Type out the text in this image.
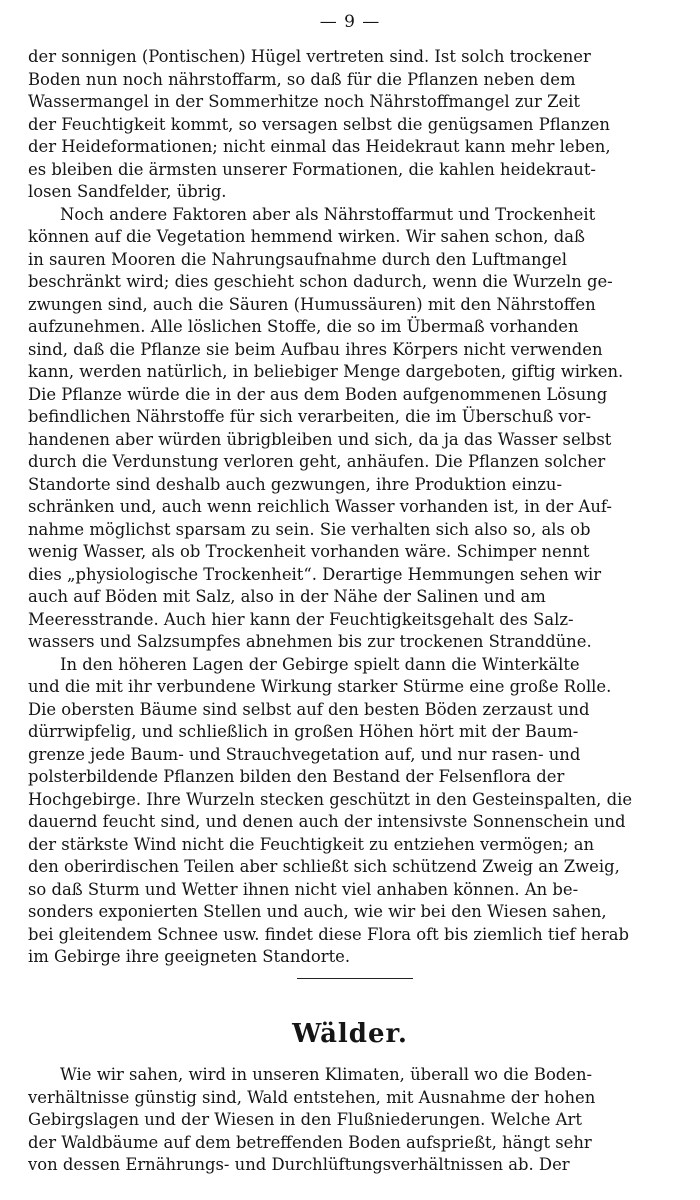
— 9 —

der sonnigen (Pontischen) Hügel vertreten sind. Ist solch trockener
Boden nun noch nährstoffarm, so daß für die Pflanzen neben dem
Wassermangel in der Sommerhitze noch Nährstoffmangel zur Zeit
der Feuchtigkeit kommt, so versagen selbst die genügsamen Pflanzen
der Heideformationen; nicht einmal das Heidekraut kann mehr leben,
es bleiben die ärmsten unserer Formationen, die kahlen heidekraut-
losen Sandfelder, übrig.

Noch andere Faktoren aber als Nährstoffarmut und Trockenheit
können auf die Vegetation hemmend wirken. Wir sahen schon, daß
in sauren Mooren die Nahrungsaufnahme durch den Luftmangel
beschränkt wird; dies geschieht schon dadurch, wenn die Wurzeln ge-
zwungen sind, auch die Säuren (Humussäuren) mit den Nährstoffen
aufzunehmen. Alle löslichen Stoffe, die so im Übermaß vorhanden
sind, daß die Pflanze sie beim Aufbau ihres Körpers nicht verwenden
kann, werden natürlich, in beliebiger Menge dargeboten, giftig wirken.
Die Pflanze würde die in der aus dem Boden aufgenommenen Lösung
befindlichen Nährstoffe für sich verarbeiten, die im Überschuß vor-
handenen aber würden übrigbleiben und sich, da ja das Wasser selbst
durch die Verdunstung verloren geht, anhäufen. Die Pflanzen solcher
Standorte sind deshalb auch gezwungen, ihre Produktion einzu-
schränken und, auch wenn reichlich Wasser vorhanden ist, in der Auf-
nahme möglichst sparsam zu sein. Sie verhalten sich also so, als ob
wenig Wasser, als ob Trockenheit vorhanden wäre. Schimper nennt
dies „physiologische Trockenheit“. Derartige Hemmungen sehen wir
auch auf Böden mit Salz, also in der Nähe der Salinen und am
Meeresstrande. Auch hier kann der Feuchtigkeitsgehalt des Salz-
wassers und Salzsumpfes abnehmen bis zur trockenen Stranddüne.

In den höheren Lagen der Gebirge spielt dann die Winterkälte
und die mit ihr verbundene Wirkung starker Stürme eine große Rolle.
Die obersten Bäume sind selbst auf den besten Böden zerzaust und
dürrwipfelig, und schließlich in großen Höhen hört mit der Baum-
grenze jede Baum- und Strauchvegetation auf, und nur rasen- und
polsterbildende Pflanzen bilden den Bestand der Felsenflora der
Hochgebirge. Ihre Wurzeln stecken geschützt in den Gesteinspalten, die
dauernd feucht sind, und denen auch der intensivste Sonnenschein und
der stärkste Wind nicht die Feuchtigkeit zu entziehen vermögen; an
den oberirdischen Teilen aber schließt sich schützend Zweig an Zweig,
so daß Sturm und Wetter ihnen nicht viel anhaben können. An be-
sonders exponierten Stellen und auch, wie wir bei den Wiesen sahen,
bei gleitendem Schnee usw. findet diese Flora oft bis ziemlich tief herab
im Gebirge ihre geeigneten Standorte.

Wälder.

Wie wir sahen, wird in unseren Klimaten, überall wo die Boden-
verhältnisse günstig sind, Wald entstehen, mit Ausnahme der hohen
Gebirgslagen und der Wiesen in den Flußniederungen. Welche Art
der Waldbäume auf dem betreffenden Boden aufsprießt, hängt sehr
von dessen Ernährungs- und Durchlüftungsverhältnissen ab. Der
